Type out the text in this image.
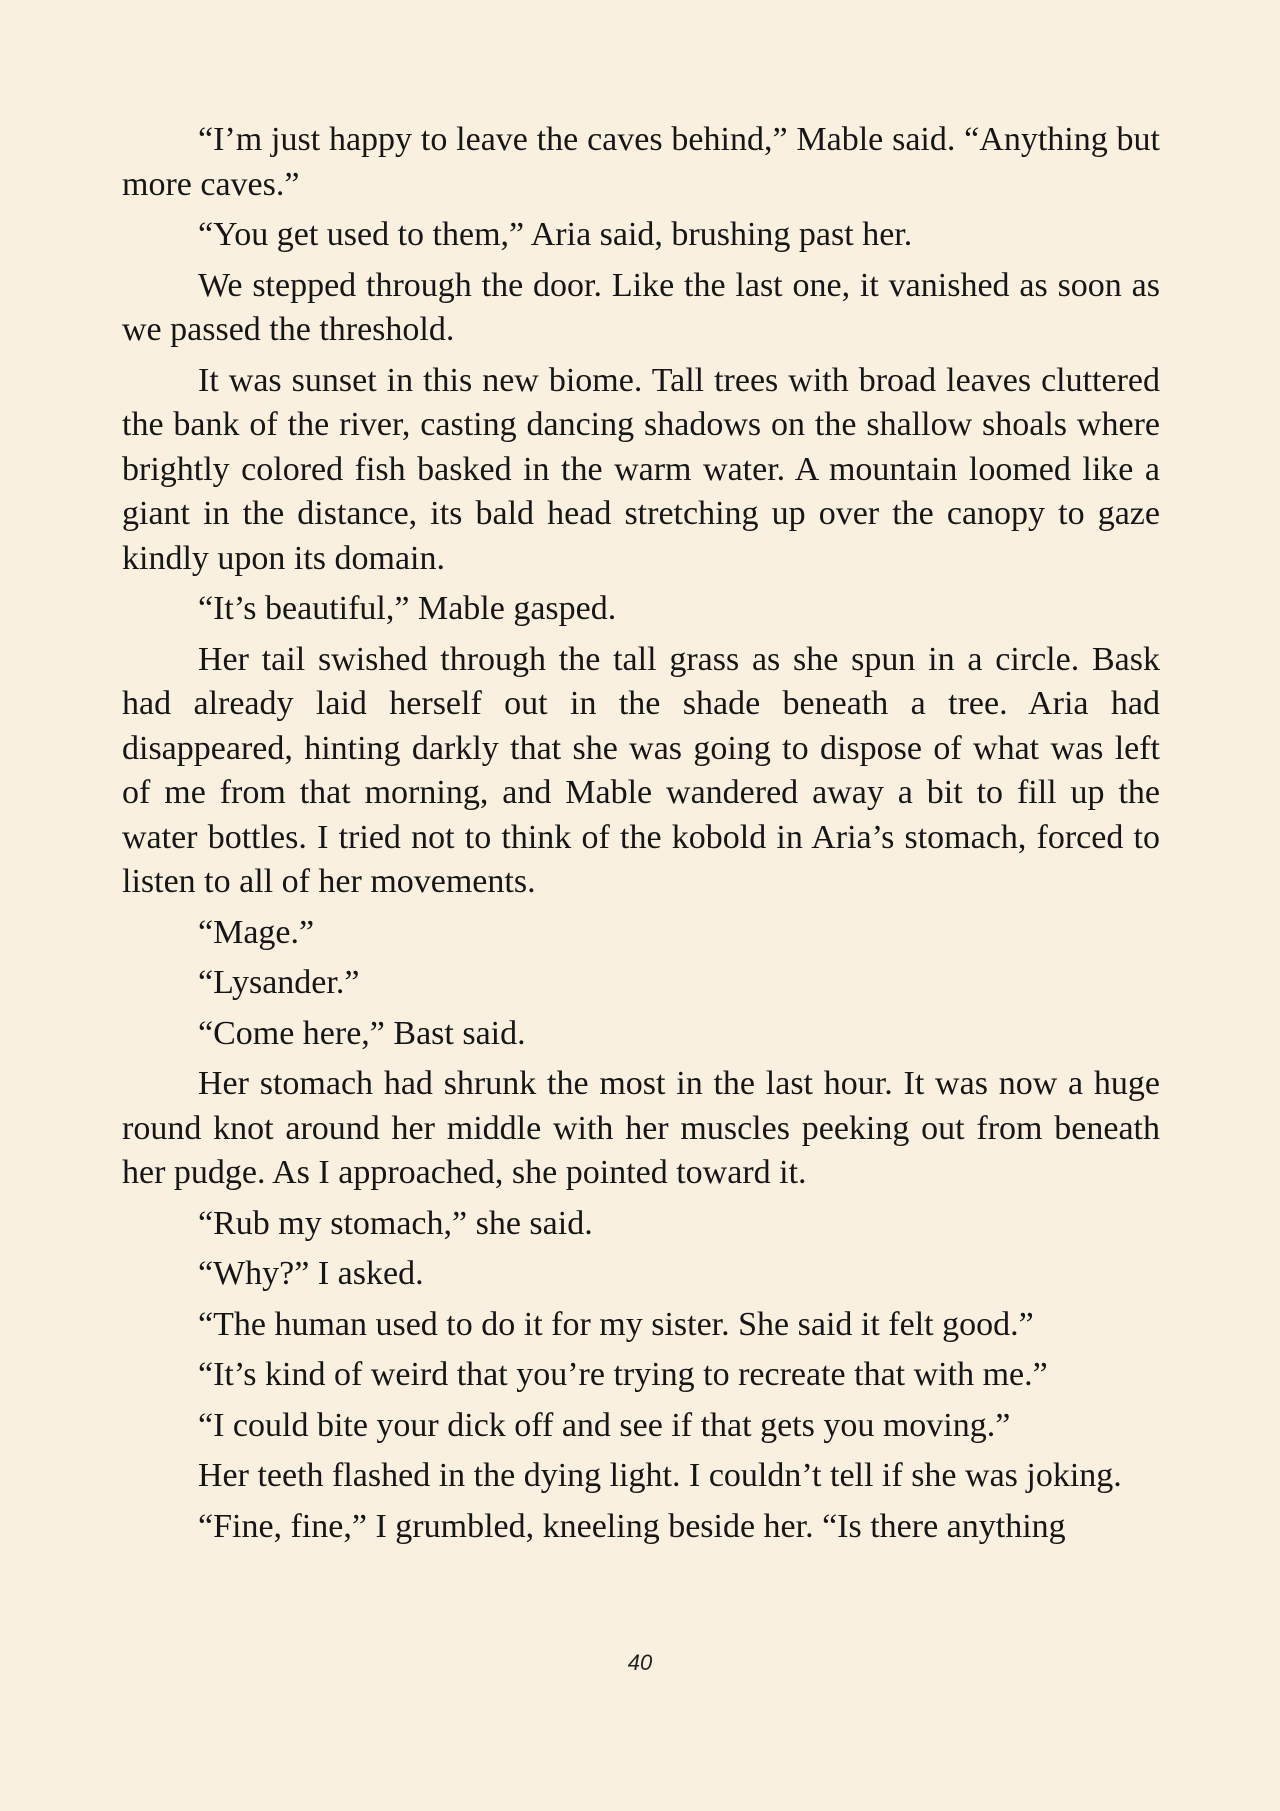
“I’m just happy to leave the caves behind,” Mable said. “Anything but more caves.”

“You get used to them,” Aria said, brushing past her.

We stepped through the door. Like the last one, it vanished as soon as we passed the threshold.

It was sunset in this new biome. Tall trees with broad leaves cluttered the bank of the river, casting dancing shadows on the shallow shoals where brightly colored fish basked in the warm water. A mountain loomed like a giant in the distance, its bald head stretching up over the canopy to gaze kindly upon its domain.

“It’s beautiful,” Mable gasped.

Her tail swished through the tall grass as she spun in a circle. Bask had already laid herself out in the shade beneath a tree. Aria had disappeared, hinting darkly that she was going to dispose of what was left of me from that morning, and Mable wandered away a bit to fill up the water bottles. I tried not to think of the kobold in Aria’s stomach, forced to listen to all of her movements.

“Mage.”

“Lysander.”

“Come here,” Bast said.

Her stomach had shrunk the most in the last hour. It was now a huge round knot around her middle with her muscles peeking out from beneath her pudge. As I approached, she pointed toward it.

“Rub my stomach,” she said.

“Why?” I asked.

“The human used to do it for my sister. She said it felt good.”

“It’s kind of weird that you’re trying to recreate that with me.”

“I could bite your dick off and see if that gets you moving.”

Her teeth flashed in the dying light. I couldn’t tell if she was joking.

“Fine, fine,” I grumbled, kneeling beside her. “Is there anything

40
